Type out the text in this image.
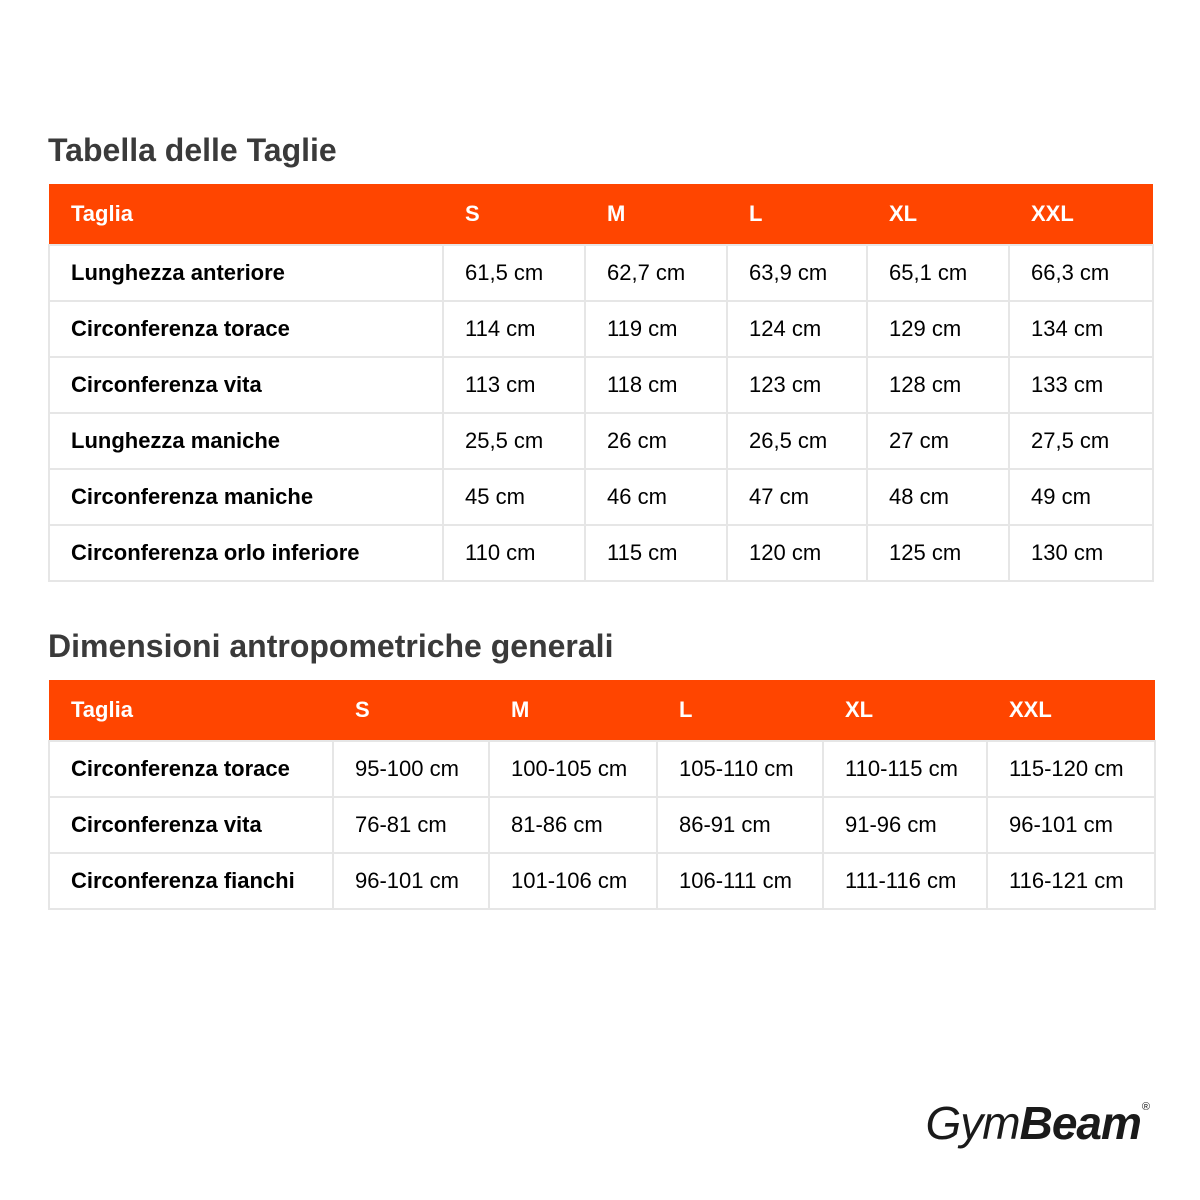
Tabella delle Taglie
Taglia	S	M	L	XL	XXL
Lunghezza anteriore	61,5 cm	62,7 cm	63,9 cm	65,1 cm	66,3 cm
Circonferenza torace	114 cm	119 cm	124 cm	129 cm	134 cm
Circonferenza vita	113 cm	118 cm	123 cm	128 cm	133 cm
Lunghezza maniche	25,5 cm	26 cm	26,5 cm	27 cm	27,5 cm
Circonferenza maniche	45 cm	46 cm	47 cm	48 cm	49 cm
Circonferenza orlo inferiore	110 cm	115 cm	120 cm	125 cm	130 cm
Dimensioni antropometriche generali
Taglia	S	M	L	XL	XXL
Circonferenza torace	95-100 cm	100-105 cm	105-110 cm	110-115 cm	115-120 cm
Circonferenza vita	76-81 cm	81-86 cm	86-91 cm	91-96 cm	96-101 cm
Circonferenza fianchi	96-101 cm	101-106 cm	106-111 cm	111-116 cm	116-121 cm
Gym Beam ®
